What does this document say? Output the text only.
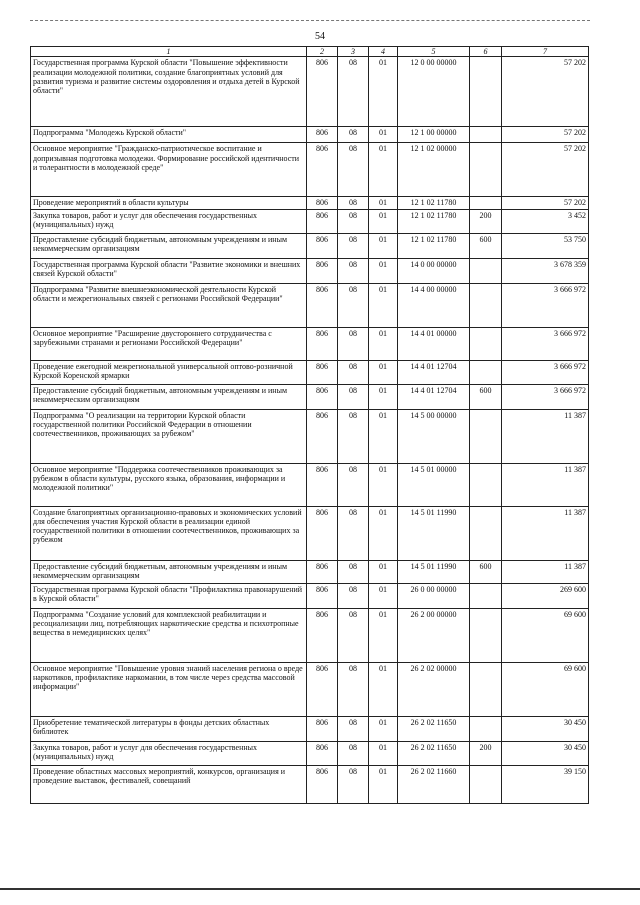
54
1	2	3	4	5	6	7
Государственная программа Курской области "Повышение эффективности реализации молодежной политики, создание благоприятных условий для развития туризма и развитие системы оздоровления и отдыха детей в Курской области"	806	08	01	12 0 00 00000		57 202
Подпрограмма "Молодежь Курской области"	806	08	01	12 1 00 00000		57 202
Основное мероприятие "Гражданско-патриотическое воспитание и допризывная подготовка молодежи. Формирование российской идентичности и толерантности в молодежной среде"	806	08	01	12 1 02 00000		57 202
Проведение мероприятий в области культуры	806	08	01	12 1 02 11780		57 202
Закупка товаров, работ и услуг для обеспечения государственных (муниципальных) нужд	806	08	01	12 1 02 11780	200	3 452
Предоставление субсидий бюджетным, автономным учреждениям и иным некоммерческим организациям	806	08	01	12 1 02 11780	600	53 750
Государственная программа Курской области "Развитие экономики и внешних связей Курской области"	806	08	01	14 0 00 00000		3 678 359
Подпрограмма "Развитие внешнеэкономической деятельности Курской области и межрегиональных связей с регионами Российской Федерации"	806	08	01	14 4 00 00000		3 666 972
Основное мероприятие "Расширение двустороннего сотрудничества с зарубежными странами и регионами Российской Федерации"	806	08	01	14 4 01 00000		3 666 972
Проведение ежегодной межрегиональной универсальной оптово-розничной Курской Коренской ярмарки	806	08	01	14 4 01 12704		3 666 972
Предоставление субсидий бюджетным, автономным учреждениям и иным некоммерческим организациям	806	08	01	14 4 01 12704	600	3 666 972
Подпрограмма "О реализации на территории Курской области государственной политики Российской Федерации в отношении соотечественников, проживающих за рубежом"	806	08	01	14 5 00 00000		11 387
Основное мероприятие "Поддержка соотечественников проживающих за рубежом в области культуры, русского языка, образования, информации и молодежной политики"	806	08	01	14 5 01 00000		11 387
Создание благоприятных организационно-правовых и экономических условий для обеспечения участия Курской области в реализации единой государственной политики в отношении соотечественников, проживающих за рубежом	806	08	01	14 5 01 11990		11 387
Предоставление субсидий бюджетным, автономным учреждениям и иным некоммерческим организациям	806	08	01	14 5 01 11990	600	11 387
Государственная программа Курской области "Профилактика правонарушений в Курской области"	806	08	01	26 0 00 00000		269 600
Подпрограмма "Создание условий для комплексной реабилитации и ресоциализации лиц, потребляющих наркотические средства и психотропные вещества в немедицинских целях"	806	08	01	26 2 00 00000		69 600
Основное мероприятие "Повышение уровня знаний населения региона о вреде наркотиков, профилактике наркомании, в том числе через средства массовой информации"	806	08	01	26 2 02 00000		69 600
Приобретение тематической литературы в фонды детских областных библиотек	806	08	01	26 2 02 11650		30 450
Закупка товаров, работ и услуг для обеспечения государственных (муниципальных) нужд	806	08	01	26 2 02 11650	200	30 450
Проведение областных массовых мероприятий, конкурсов, организация и проведение выставок, фестивалей, совещаний	806	08	01	26 2 02 11660		39 150
